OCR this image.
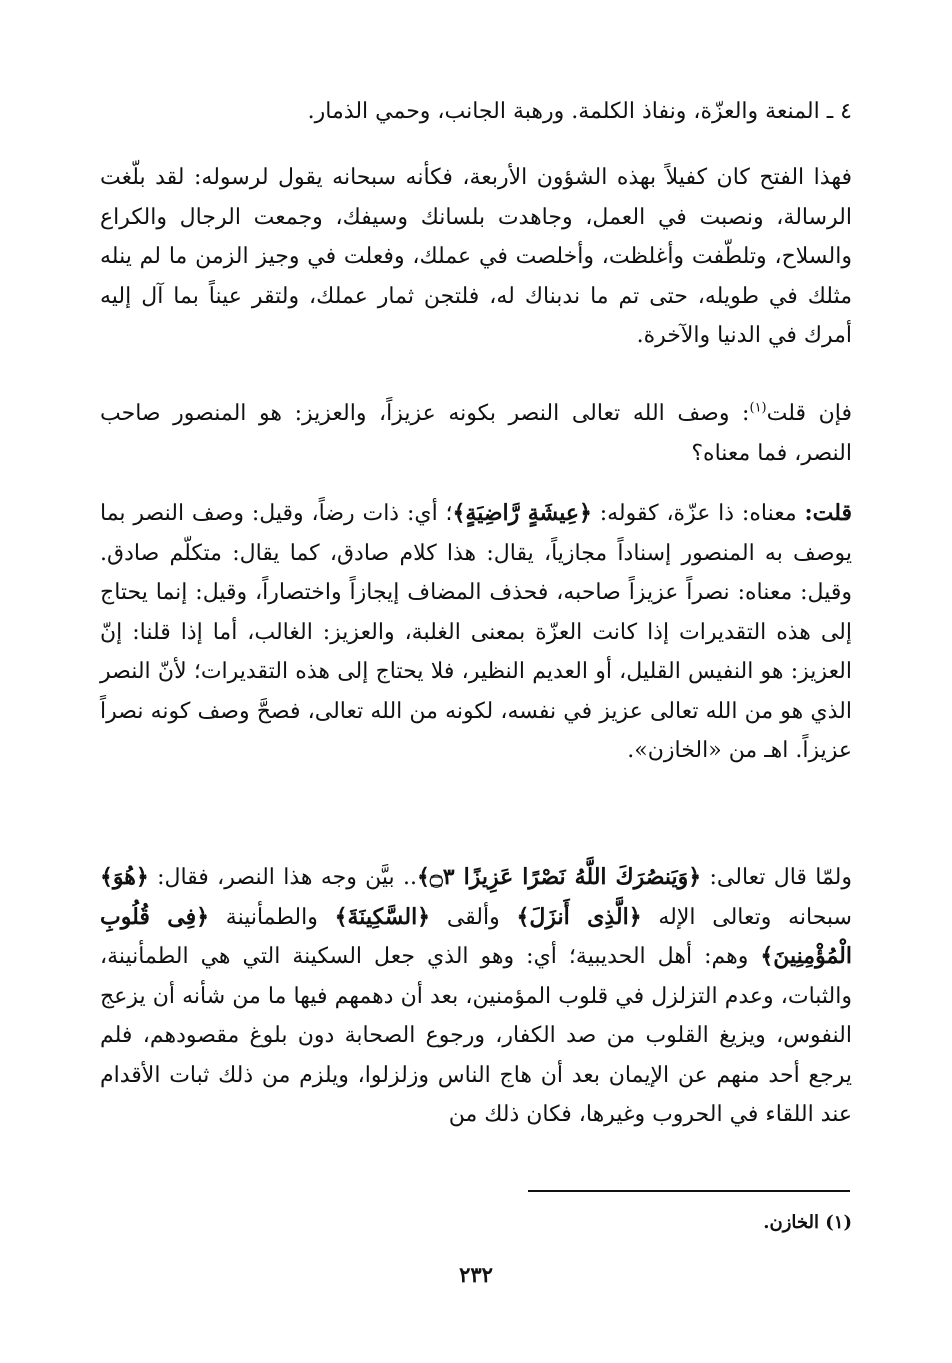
٤ ـ المنعة والعزّة، ونفاذ الكلمة. ورهبة الجانب، وحمي الذمار.

فهذا الفتح كان كفيلاً بهذه الشؤون الأربعة، فكأنه سبحانه يقول لرسوله: لقد بلّغت الرسالة، ونصبت في العمل، وجاهدت بلسانك وسيفك، وجمعت الرجال والكراع والسلاح، وتلطّفت وأغلظت، وأخلصت في عملك، وفعلت في وجيز الزمن ما لم ينله مثلك في طويله، حتى تم ما ندبناك له، فلتجن ثمار عملك، ولتقر عيناً بما آل إليه أمرك في الدنيا والآخرة.

فإن قلت$^{(١)}$: وصف الله تعالى النصر بكونه عزيزاً، والعزيز: هو المنصور صاحب النصر، فما معناه؟

قلت: معناه: ذا عزّة، كقوله: ﴿عِيشَةٍ رَّاضِيَةٍ﴾؛ أي: ذات رضاً، وقيل: وصف النصر بما يوصف به المنصور إسناداً مجازياً، يقال: هذا كلام صادق، كما يقال: متكلّم صادق. وقيل: معناه: نصراً عزيزاً صاحبه، فحذف المضاف إيجازاً واختصاراً، وقيل: إنما يحتاج إلى هذه التقديرات إذا كانت العزّة بمعنى الغلبة، والعزيز: الغالب، أما إذا قلنا: إنّ العزيز: هو النفيس القليل، أو العديم النظير، فلا يحتاج إلى هذه التقديرات؛ لأنّ النصر الذي هو من الله تعالى عزيز في نفسه، لكونه من الله تعالى، فصحَّ وصف كونه نصراً عزيزاً. اهـ من «الخازن».

ولمّا قال تعالى: ﴿وَيَنصُرَكَ اللَّهُ نَصْرًا عَزِيزًا ۝٣﴾.. بيَّن وجه هذا النصر، فقال: ﴿هُوَ﴾ سبحانه وتعالى الإله ﴿الَّذِى أَنزَلَ﴾ وألقى ﴿السَّكِينَةَ﴾ والطمأنينة ﴿فِى قُلُوبِ الْمُؤْمِنِينَ﴾ وهم: أهل الحديبية؛ أي: وهو الذي جعل السكينة التي هي الطمأنينة، والثبات، وعدم التزلزل في قلوب المؤمنين، بعد أن دهمهم فيها ما من شأنه أن يزعج النفوس، ويزيغ القلوب من صد الكفار، ورجوع الصحابة دون بلوغ مقصودهم، فلم يرجع أحد منهم عن الإيمان بعد أن هاج الناس وزلزلوا، ويلزم من ذلك ثبات الأقدام عند اللقاء في الحروب وغيرها، فكان ذلك من

(١) الخازن.
٢٣٢
